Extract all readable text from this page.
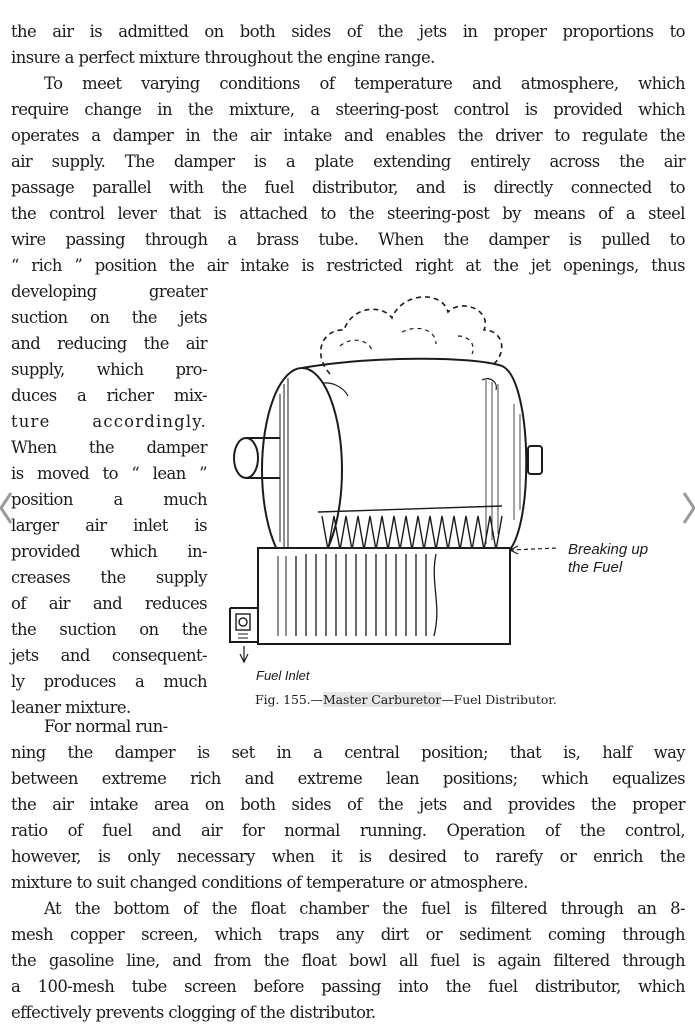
the air is admitted on both sides of the jets in proper proportions to
insure a perfect mixture throughout the engine range.
To meet varying conditions of temperature and atmosphere, which
require change in the mixture, a steering-post control is provided which
operates a damper in the air intake and enables the driver to regulate the
air supply. The damper is a plate extending entirely across the air
passage parallel with the fuel distributor, and is directly connected to
the control lever that is attached to the steering-post by means of a steel
wire passing through a brass tube. When the damper is pulled to
“ rich ” position the air intake is restricted right at the jet openings, thus
developing greater
suction on the jets
and reducing the air
supply, which pro-
duces a richer mix-
ture accordingly.
When the damper
is moved to “ lean ”
position a much
larger air inlet is
provided which in-
creases the supply
of air and reduces
the suction on the
jets and consequent-
ly produces a much
leaner mixture.
Breaking up
the Fuel
Fuel Inlet
Fig. 155.—Master Carburetor—Fuel Distributor.
For normal run-
ning the damper is set in a central position; that is, half way
between extreme rich and extreme lean positions; which equalizes
the air intake area on both sides of the jets and provides the proper
ratio of fuel and air for normal running. Operation of the control,
however, is only necessary when it is desired to rarefy or enrich the
mixture to suit changed conditions of temperature or atmosphere.
At the bottom of the float chamber the fuel is filtered through an 8-
mesh copper screen, which traps any dirt or sediment coming through
the gasoline line, and from the float bowl all fuel is again filtered through
a 100-mesh tube screen before passing into the fuel distributor, which
effectively prevents clogging of the distributor.
